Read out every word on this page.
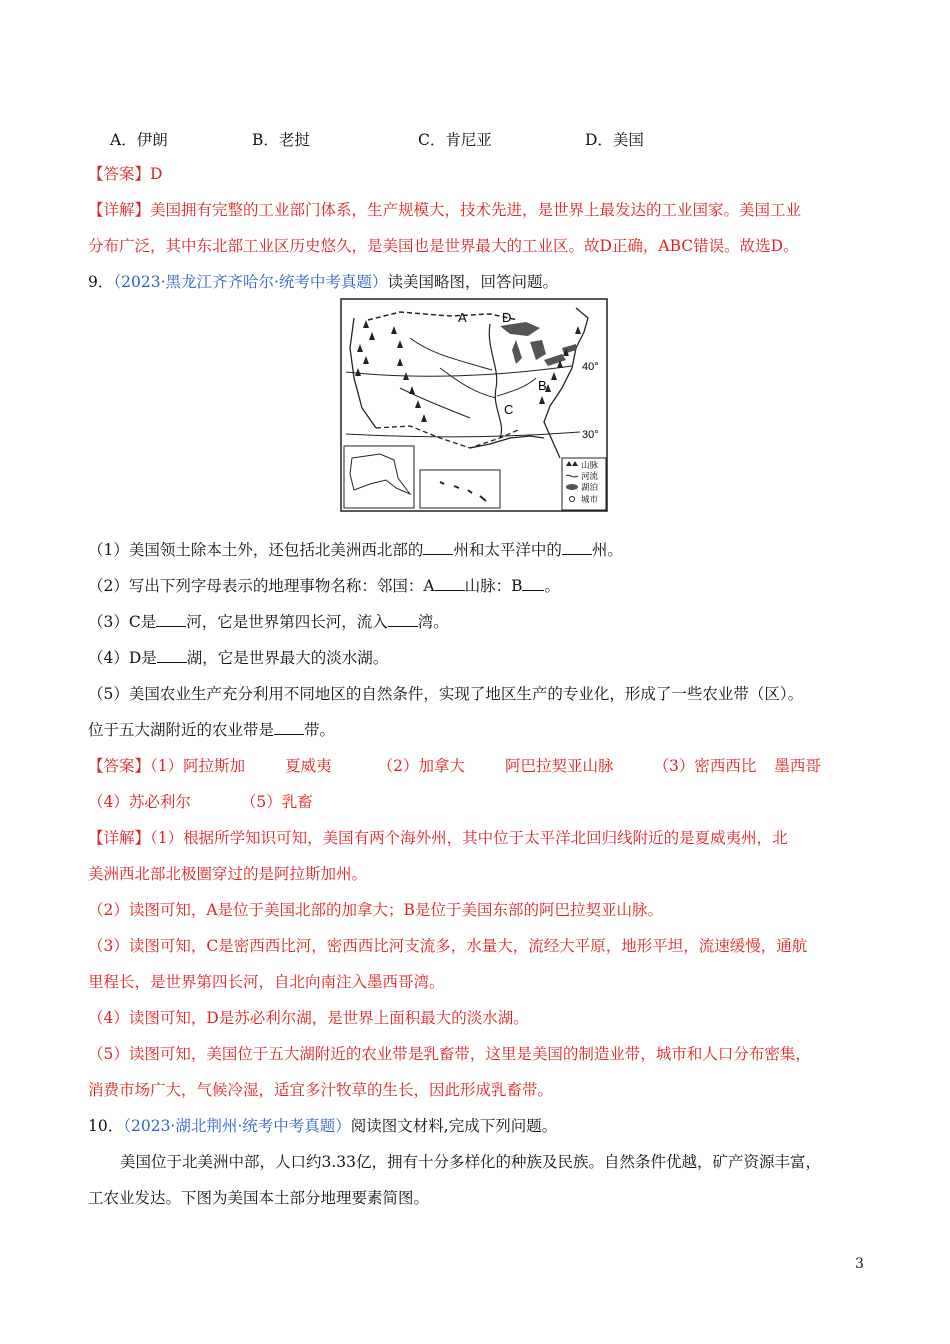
A．伊朗	B．老挝	C．肯尼亚	D．美国
【答案】D
【详解】美国拥有完整的工业部门体系，生产规模大，技术先进，是世界上最发达的工业国家。美国工业
分布广泛，其中东北部工业区历史悠久，是美国也是世界最大的工业区。故D正确，ABC错误。故选D。
9．（2023·黑龙江齐齐哈尔·统考中考真题）读美国略图，回答问题。
40°
30°
A
B
C
D
山脉
河流
湖泊
城市
（1）美国领土除本土外，还包括北美洲西北部的 州和太平洋中的 州。
（2）写出下列字母表示的地理事物名称：邻国：A 山脉：B 。
（3）C是 河，它是世界第四长河，流入 湾。
（4）D是 湖，它是世界最大的淡水湖。
（5）美国农业生产充分利用不同地区的自然条件，实现了地区生产的专业化，形成了一些农业带（区）。
位于五大湖附近的农业带是 带。
【答案】（1）阿拉斯加	夏威夷	（2）加拿大	阿巴拉契亚山脉	（3）密西西比 墨西哥
（4）苏必利尔	（5）乳畜
【详解】（1）根据所学知识可知，美国有两个海外州，其中位于太平洋北回归线附近的是夏威夷州，北
美洲西北部北极圈穿过的是阿拉斯加州。
（2）读图可知，A是位于美国北部的加拿大；B是位于美国东部的阿巴拉契亚山脉。
（3）读图可知，C是密西西比河，密西西比河支流多，水量大，流经大平原，地形平坦，流速缓慢，通航
里程长，是世界第四长河，自北向南注入墨西哥湾。
（4）读图可知，D是苏必利尔湖，是世界上面积最大的淡水湖。
（5）读图可知，美国位于五大湖附近的农业带是乳畜带，这里是美国的制造业带，城市和人口分布密集，
消费市场广大，气候冷湿，适宜多汁牧草的生长，因此形成乳畜带。
10．（2023·湖北荆州·统考中考真题）阅读图文材料,完成下列问题。
美国位于北美洲中部，人口约3.33亿，拥有十分多样化的种族及民族。自然条件优越，矿产资源丰富，
工农业发达。下图为美国本土部分地理要素简图。
3
